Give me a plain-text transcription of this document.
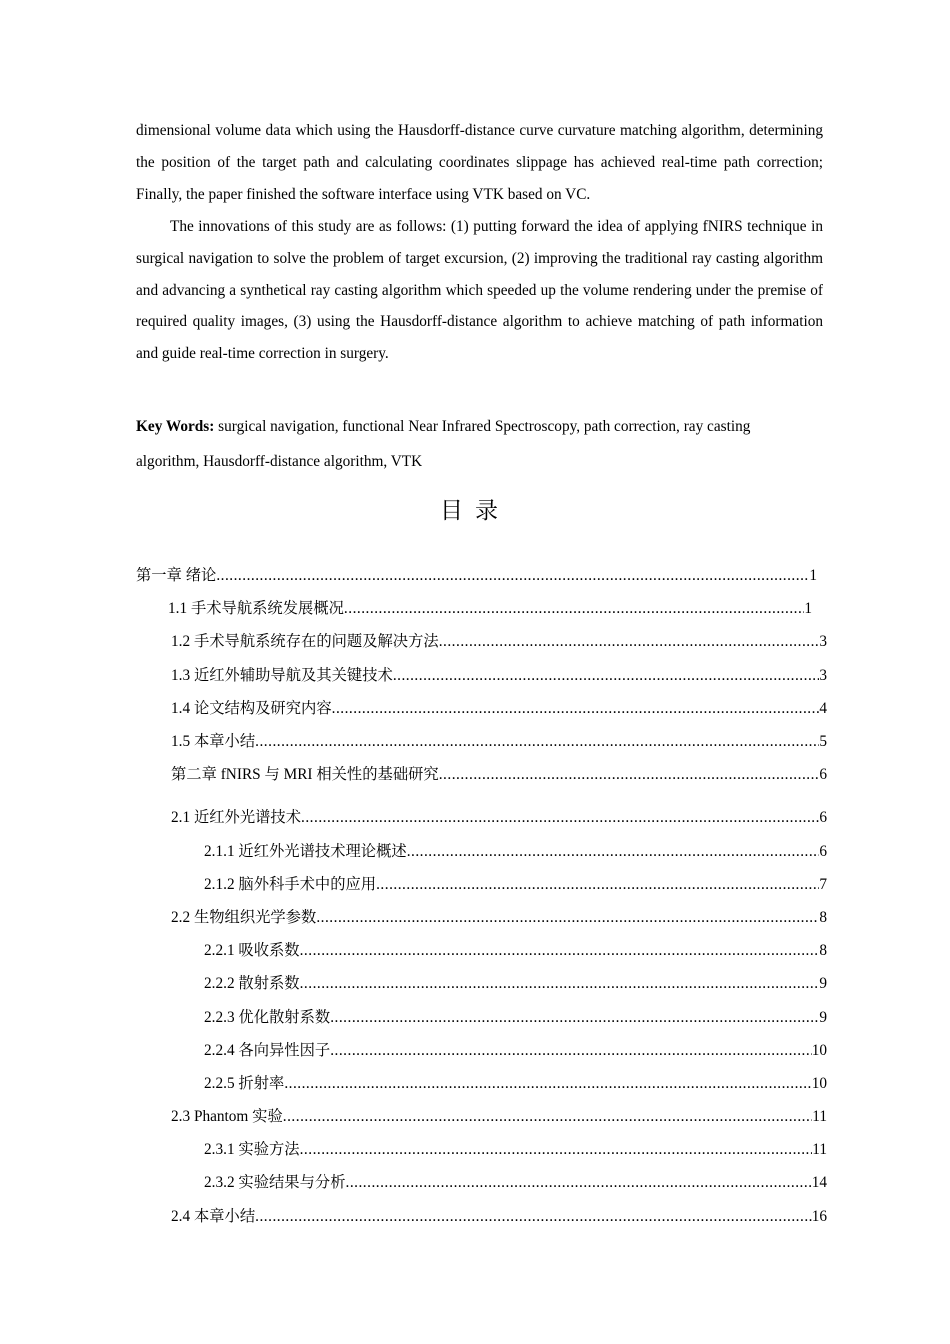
dimensional volume data which using the Hausdorff-distance curve curvature matching algorithm, determining the position of the target path and calculating coordinates slippage has achieved real-time path correction; Finally, the paper finished the software interface using VTK based on VC.

The innovations of this study are as follows: (1) putting forward the idea of applying fNIRS technique in surgical navigation to solve the problem of target excursion, (2) improving the traditional ray casting algorithm and advancing a synthetical ray casting algorithm which speeded up the volume rendering under the premise of required quality images, (3) using the Hausdorff-distance algorithm to achieve matching of path information and guide real-time correction in surgery.

Key Words: surgical navigation, functional Near Infrared Spectroscopy, path correction, ray casting
algorithm, Hausdorff-distance algorithm, VTK

目录
第一章 绪论 .....	1
1.1 手术导航系统发展概况 .....	1
1.2 手术导航系统存在的问题及解决方法 .....	3
1.3 近红外辅助导航及其关键技术 .....	3
1.4 论文结构及研究内容 .....	4
1.5 本章小结 .....	5
第二章 fNIRS 与 MRI 相关性的基础研究 .....	6
2.1 近红外光谱技术 .....	6
2.1.1 近红外光谱技术理论概述 .....	6
2.1.2 脑外科手术中的应用 .....	7
2.2 生物组织光学参数 .....	8
2.2.1 吸收系数 .....	8
2.2.2 散射系数 .....	9
2.2.3 优化散射系数 .....	9
2.2.4 各向异性因子 .....	10
2.2.5 折射率 .....	10
2.3 Phantom 实验 .....	11
2.3.1 实验方法 .....	11
2.3.2 实验结果与分析 .....	14
2.4 本章小结 .....	16
